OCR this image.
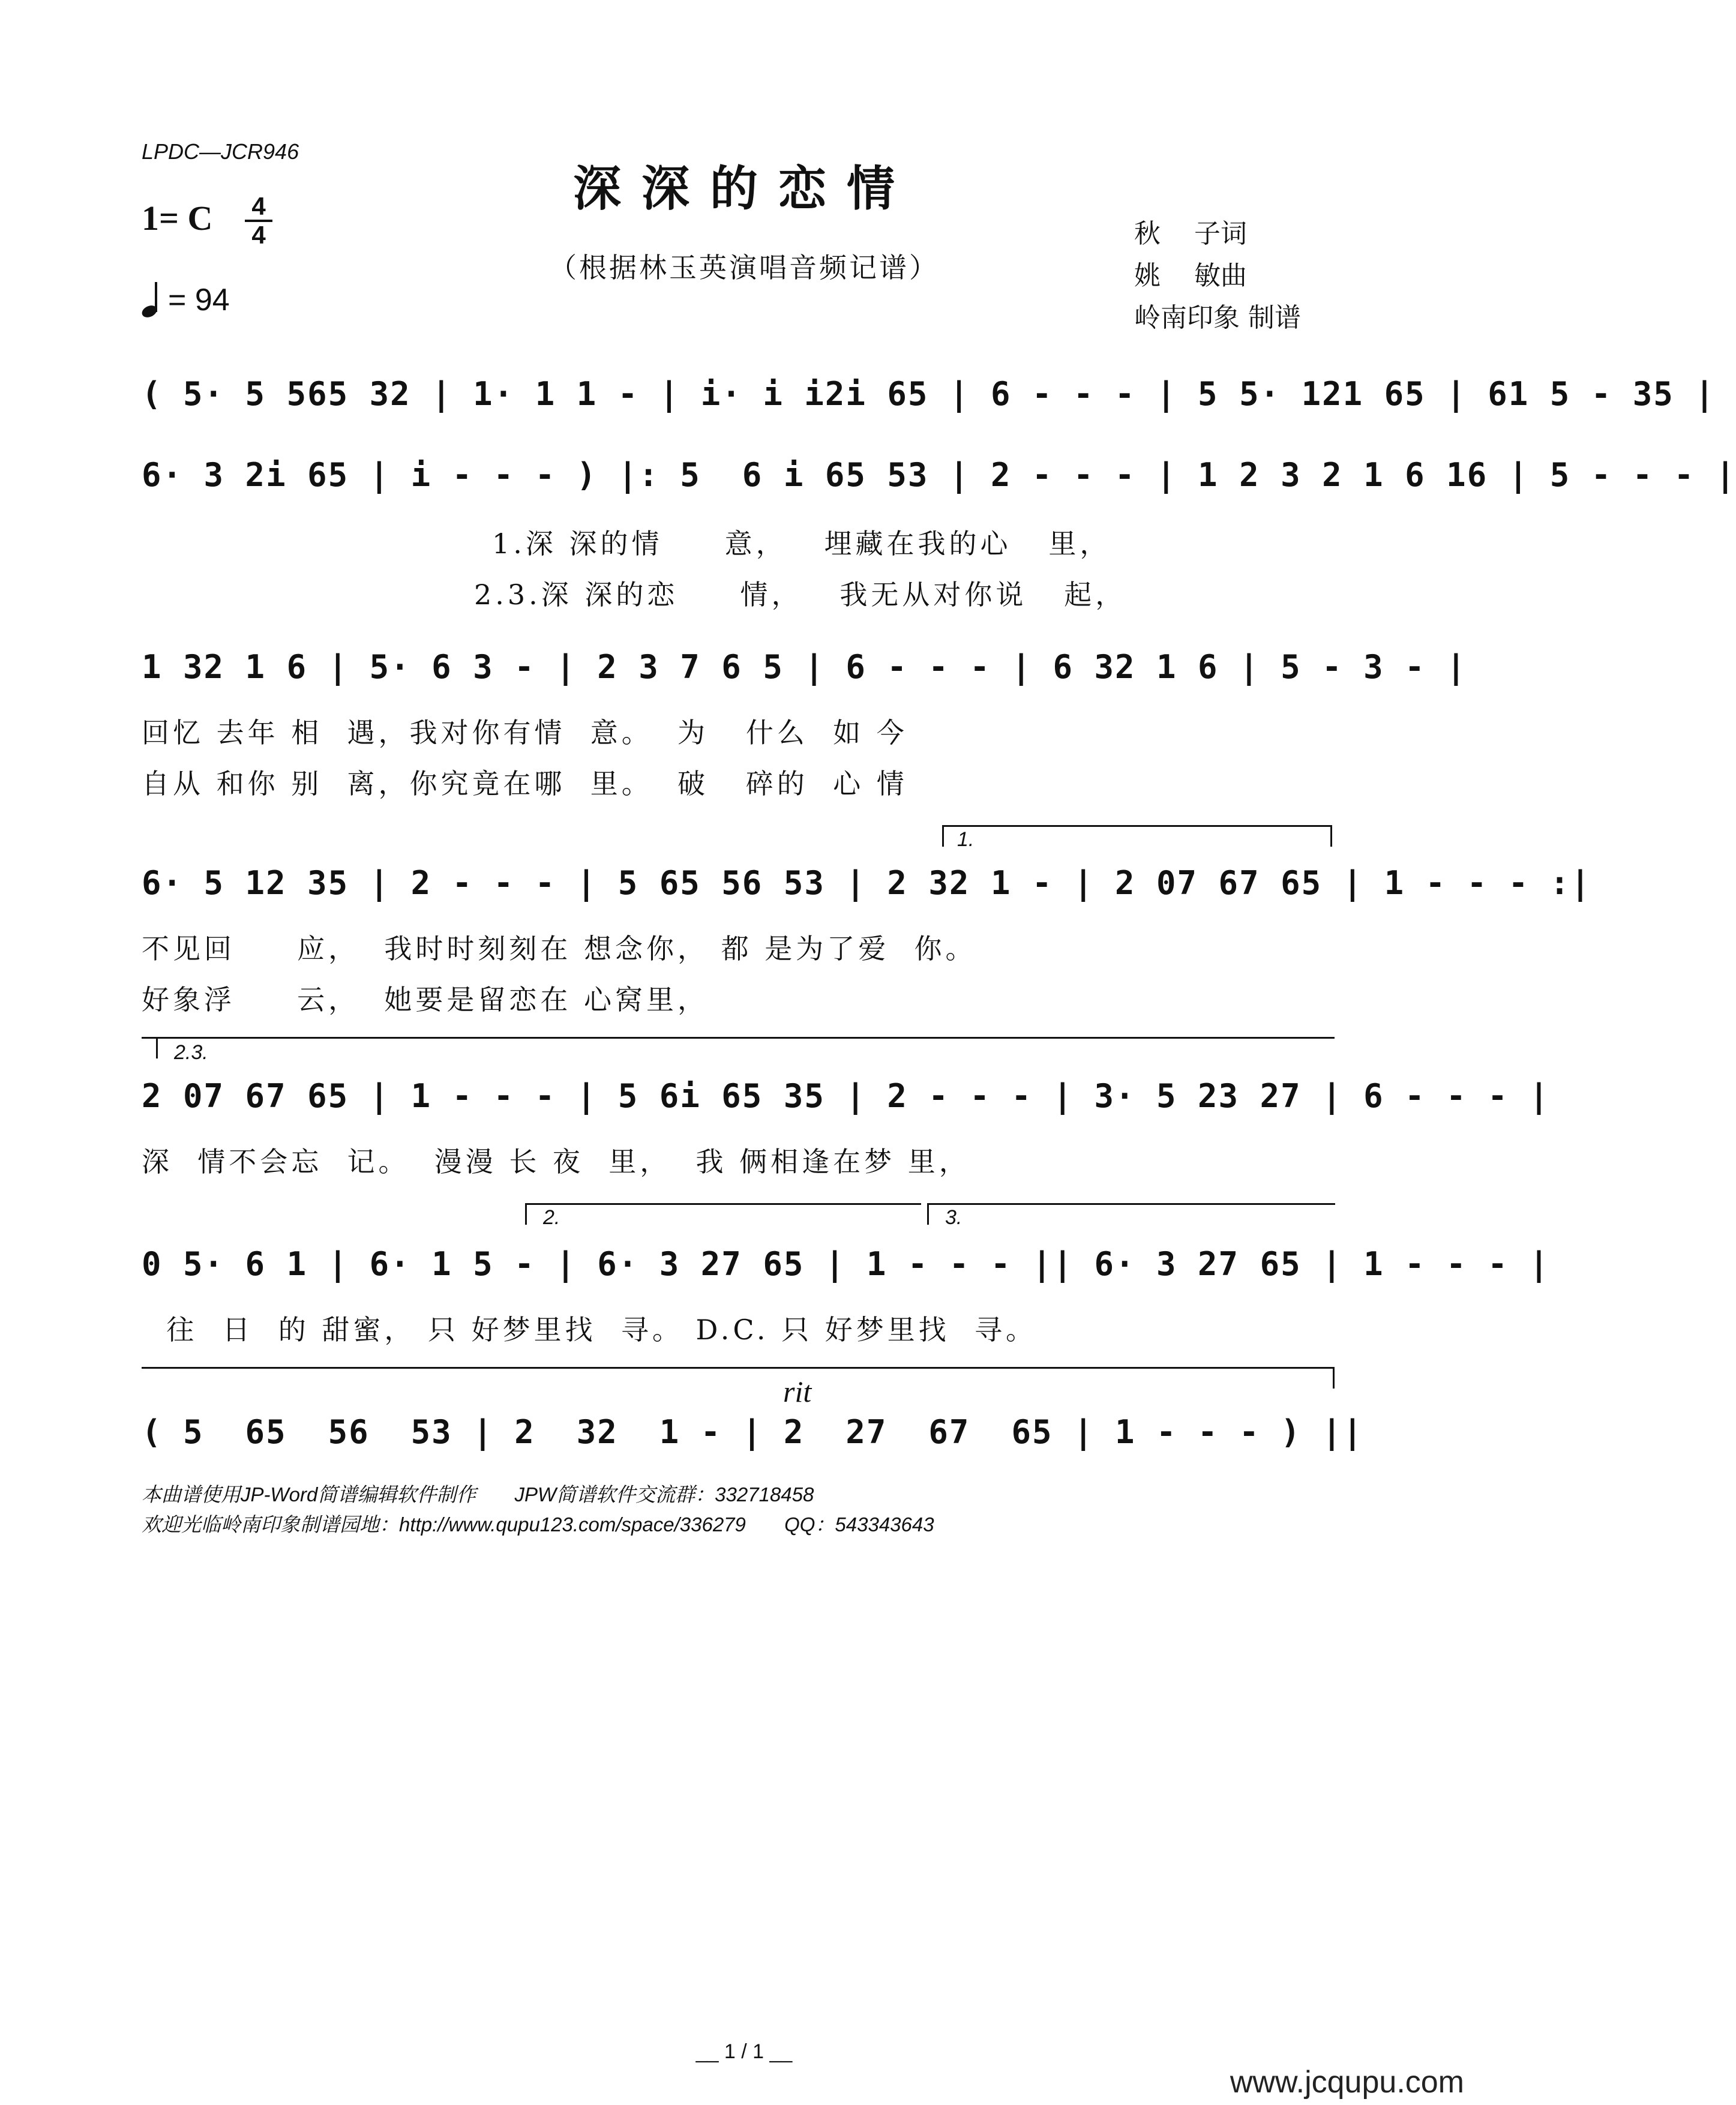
LPDC—JCR946
深深的恋情
（根据林玉英演唱音频记谱）
1= C 4
4
= 94
秋    子词
姚    敏曲
岭南印象 制谱
( 5· 5 565 32 | 1· 1 1 - | i· i i2i 65 | 6 - - - | 5 5· 121 65 | 61 5 - 35 |
6· 3 2i 65 | i - - - ) |: 5  6 i 65 53 | 2 - - - | 1 2 3 2 1 6 16 | 5 - - - |
1.深 深的情     意，   埋藏在我的心   里，
2.3.深 深的恋     情，   我无从对你说   起，
1 32 1 6 | 5· 6 3 - | 2 3 7 6 5 | 6 - - - | 6 32 1 6 | 5 - 3 - |
回忆 去年 相  遇，我对你有情  意。  为   什么  如 今
自从 和你 别  离，你究竟在哪  里。  破   碎的  心 情
1.
6· 5 12 35 | 2 - - - | 5 65 56 53 | 2 32 1 - | 2 07 67 65 | 1 - - - :|
不见回     应，  我时时刻刻在 想念你， 都 是为了爱  你。
好象浮     云，  她要是留恋在 心窝里，
2.3.
2 07 67 65 | 1 - - - | 5 6i 65 35 | 2 - - - | 3· 5 23 27 | 6 - - - |
深  情不会忘  记。  漫漫 长 夜  里，  我 俩相逢在梦 里，
2.	3.
0 5· 6 1 | 6· 1 5 - | 6· 3 27 65 | 1 - - - || 6· 3 27 65 | 1 - - - |
往  日  的 甜蜜， 只 好梦里找  寻。 D.C. 只 好梦里找  寻。
rit
( 5  65  56  53 | 2  32  1 - | 2  27  67  65 | 1 - - - ) ||
本曲谱使用JP-Word简谱编辑软件制作       JPW简谱软件交流群：332718458
欢迎光临岭南印象制谱园地：http://www.qupu123.com/space/336279       QQ：543343643
__ 1 / 1 __
www.jcqupu.com
